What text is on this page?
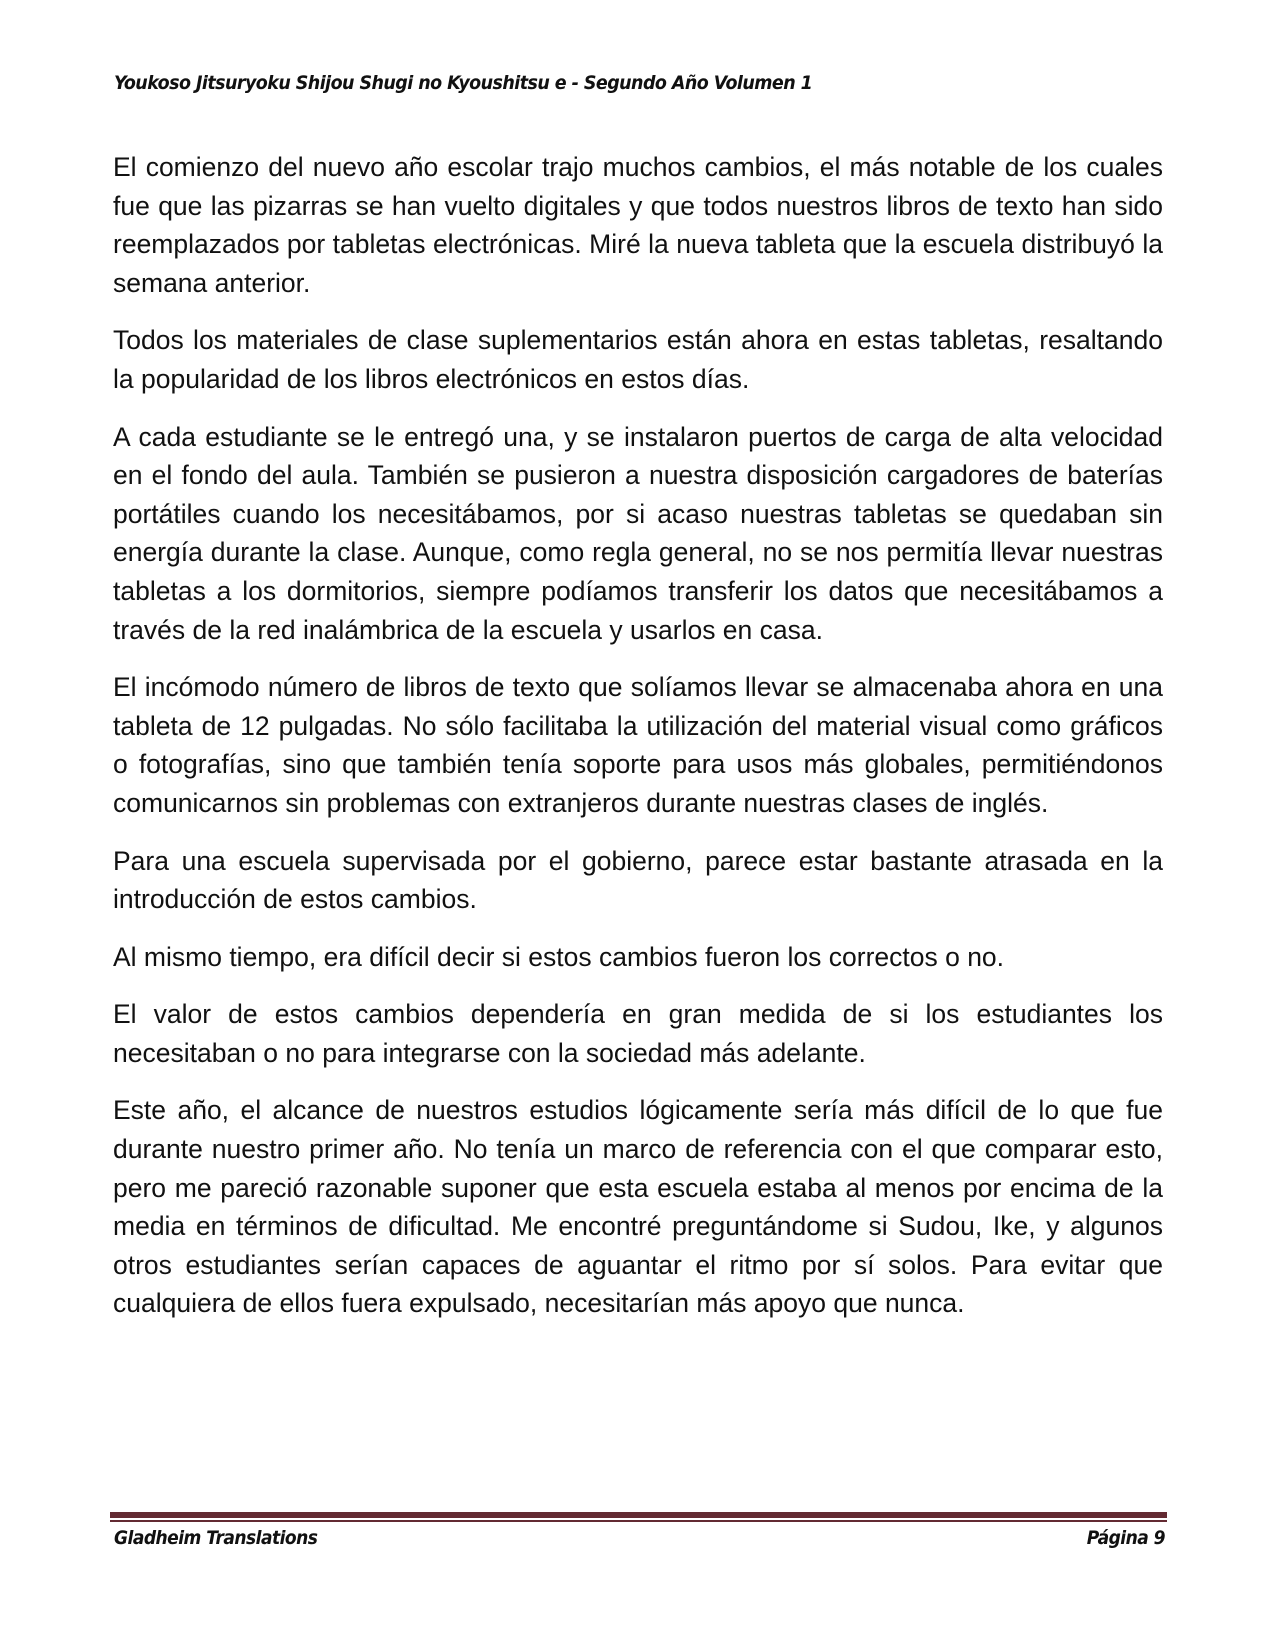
Youkoso Jitsuryoku Shijou Shugi no Kyoushitsu e - Segundo Año Volumen 1

El comienzo del nuevo año escolar trajo muchos cambios, el más notable de los cuales fue que las pizarras se han vuelto digitales y que todos nuestros libros de texto han sido reemplazados por tabletas electrónicas. Miré la nueva tableta que la escuela distribuyó la semana anterior.

Todos los materiales de clase suplementarios están ahora en estas tabletas, resaltando la popularidad de los libros electrónicos en estos días.

A cada estudiante se le entregó una, y se instalaron puertos de carga de alta velocidad en el fondo del aula. También se pusieron a nuestra disposición cargadores de baterías portátiles cuando los necesitábamos, por si acaso nuestras tabletas se quedaban sin energía durante la clase. Aunque, como regla general, no se nos permitía llevar nuestras tabletas a los dormitorios, siempre podíamos transferir los datos que necesitábamos a través de la red inalámbrica de la escuela y usarlos en casa.

El incómodo número de libros de texto que solíamos llevar se almacenaba ahora en una tableta de 12 pulgadas. No sólo facilitaba la utilización del material visual como gráficos o fotografías, sino que también tenía soporte para usos más globales, permitiéndonos comunicarnos sin problemas con extranjeros durante nuestras clases de inglés.

Para una escuela supervisada por el gobierno, parece estar bastante atrasada en la introducción de estos cambios.

Al mismo tiempo, era difícil decir si estos cambios fueron los correctos o no.

El valor de estos cambios dependería en gran medida de si los estudiantes los necesitaban o no para integrarse con la sociedad más adelante.

Este año, el alcance de nuestros estudios lógicamente sería más difícil de lo que fue durante nuestro primer año. No tenía un marco de referencia con el que comparar esto, pero me pareció razonable suponer que esta escuela estaba al menos por encima de la media en términos de dificultad. Me encontré preguntándome si Sudou, Ike, y algunos otros estudiantes serían capaces de aguantar el ritmo por sí solos. Para evitar que cualquiera de ellos fuera expulsado, necesitarían más apoyo que nunca.

Gladheim Translations	Página 9
